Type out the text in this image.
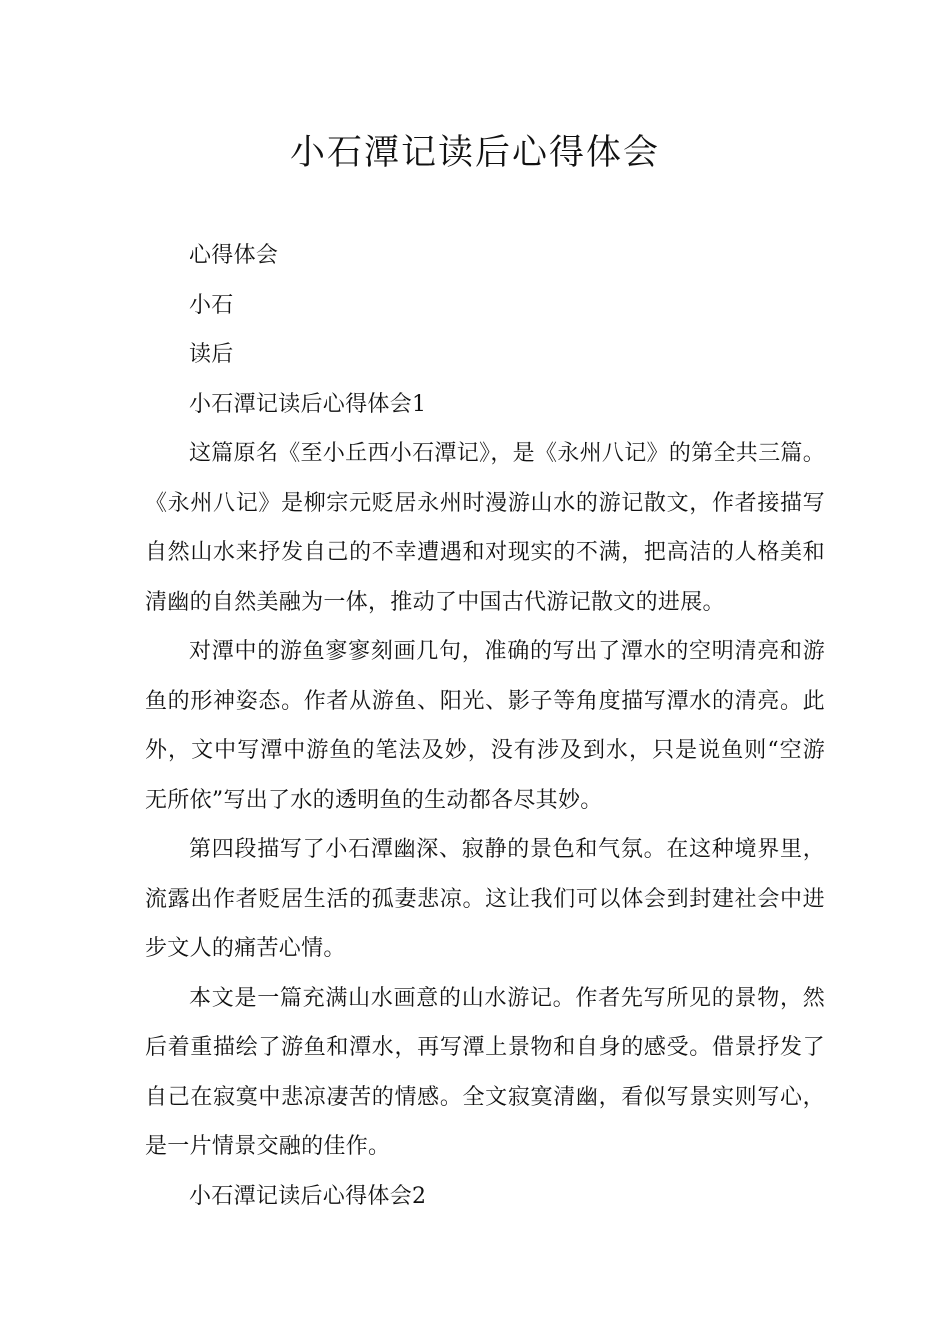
小石潭记读后心得体会

心得体会

小石

读后

小石潭记读后心得体会1

这篇原名《至小丘西小石潭记》，是《永州八记》的第全共三篇。《永州八记》是柳宗元贬居永州时漫游山水的游记散文，作者接描写自然山水来抒发自己的不幸遭遇和对现实的不满，把高洁的人格美和清幽的自然美融为一体，推动了中国古代游记散文的进展。

对潭中的游鱼寥寥刻画几句，准确的写出了潭水的空明清亮和游鱼的形神姿态。作者从游鱼、阳光、影子等角度描写潭水的清亮。此外，文中写潭中游鱼的笔法及妙，没有涉及到水，只是说鱼则“空游无所依”写出了水的透明鱼的生动都各尽其妙。

第四段描写了小石潭幽深、寂静的景色和气氛。在这种境界里，流露出作者贬居生活的孤妻悲凉。这让我们可以体会到封建社会中进步文人的痛苦心情。

本文是一篇充满山水画意的山水游记。作者先写所见的景物，然后着重描绘了游鱼和潭水，再写潭上景物和自身的感受。借景抒发了自己在寂寞中悲凉凄苦的情感。全文寂寞清幽，看似写景实则写心，是一片情景交融的佳作。

小石潭记读后心得体会2
